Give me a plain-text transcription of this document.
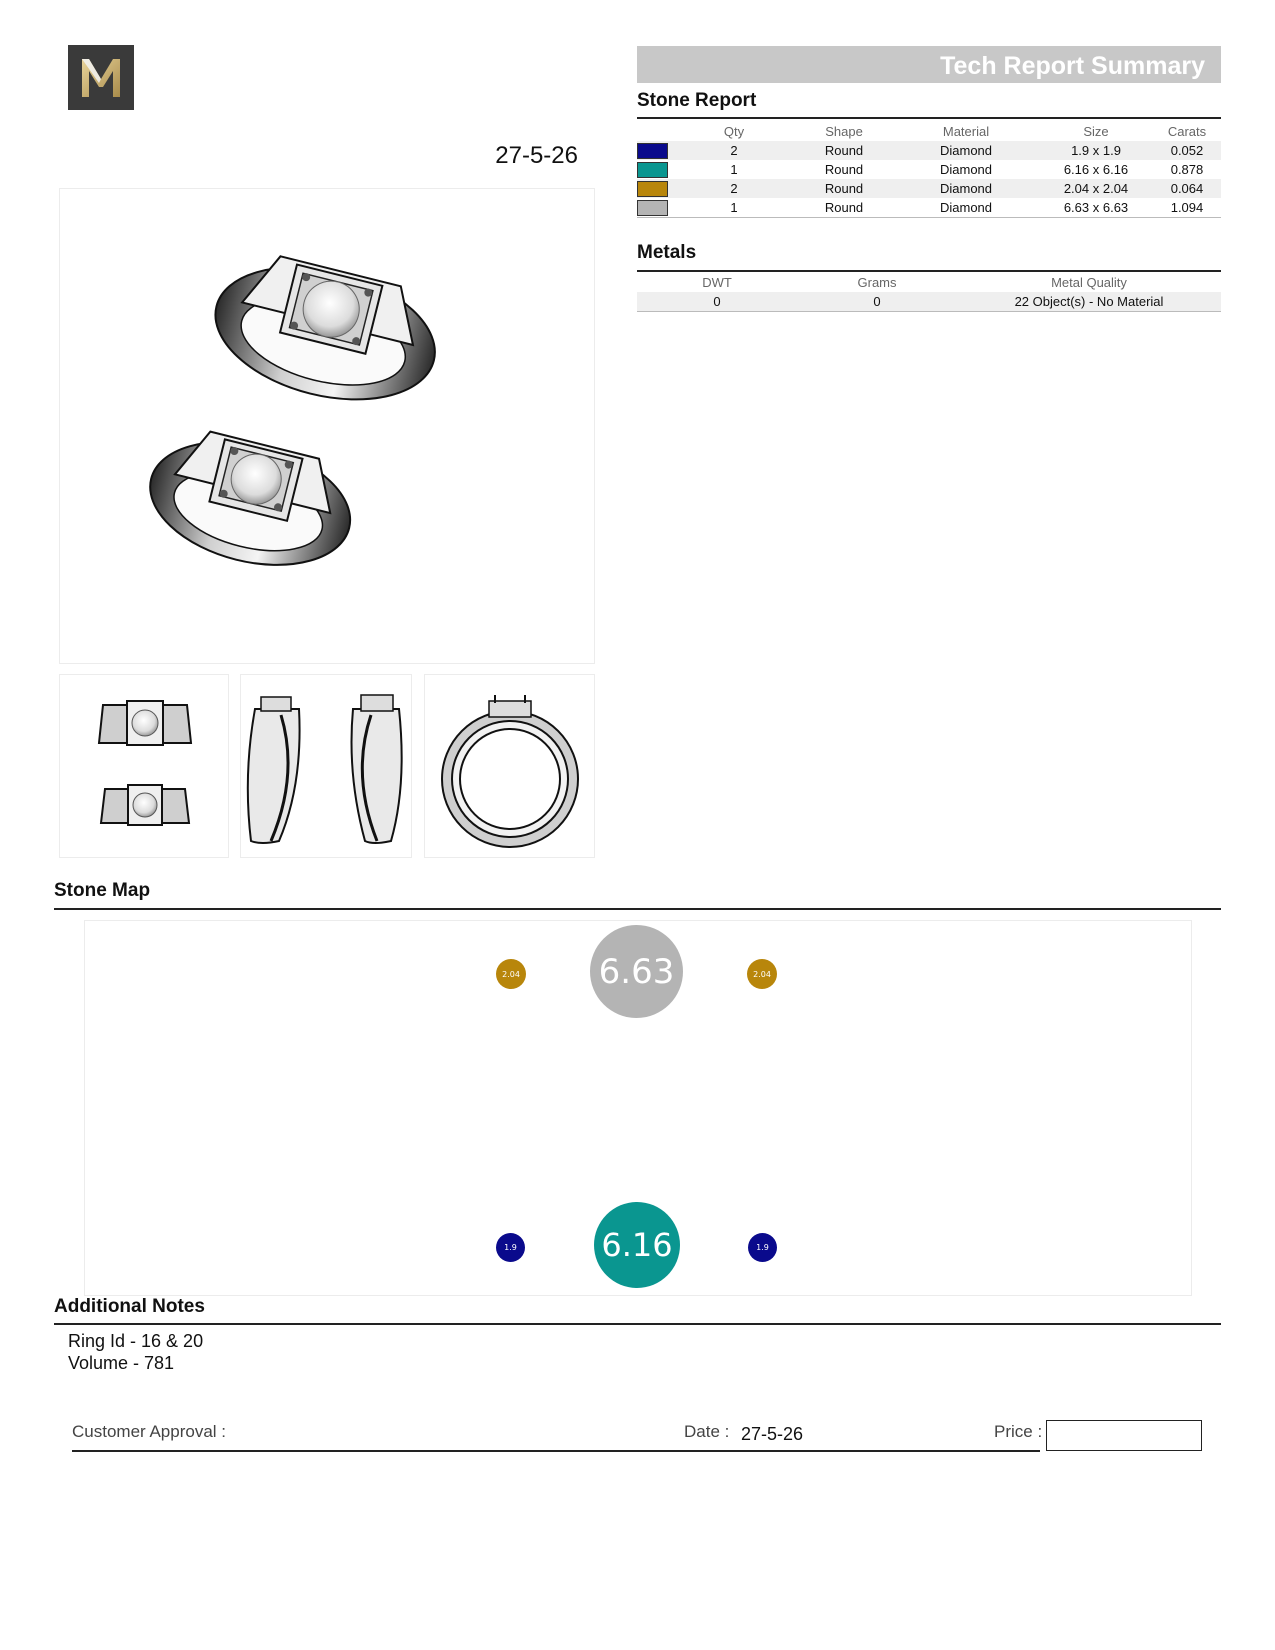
27-5-26
Tech Report Summary
Stone Report
	Qty	Shape	Material	Size	Carats
	2	Round	Diamond	1.9 x 1.9	0.052
	1	Round	Diamond	6.16 x 6.16	0.878
	2	Round	Diamond	2.04 x 2.04	0.064
	1	Round	Diamond	6.63 x 6.63	1.094
Metals
DWT	Grams	Metal Quality
0	0	22 Object(s) - No Material
Stone Map
2.04 6.63	2.04
1.9	6.16	1.9
Additional Notes
Ring Id - 16 & 20
Volume - 781
Customer Approval :	Date : 27-5-26	Price :
